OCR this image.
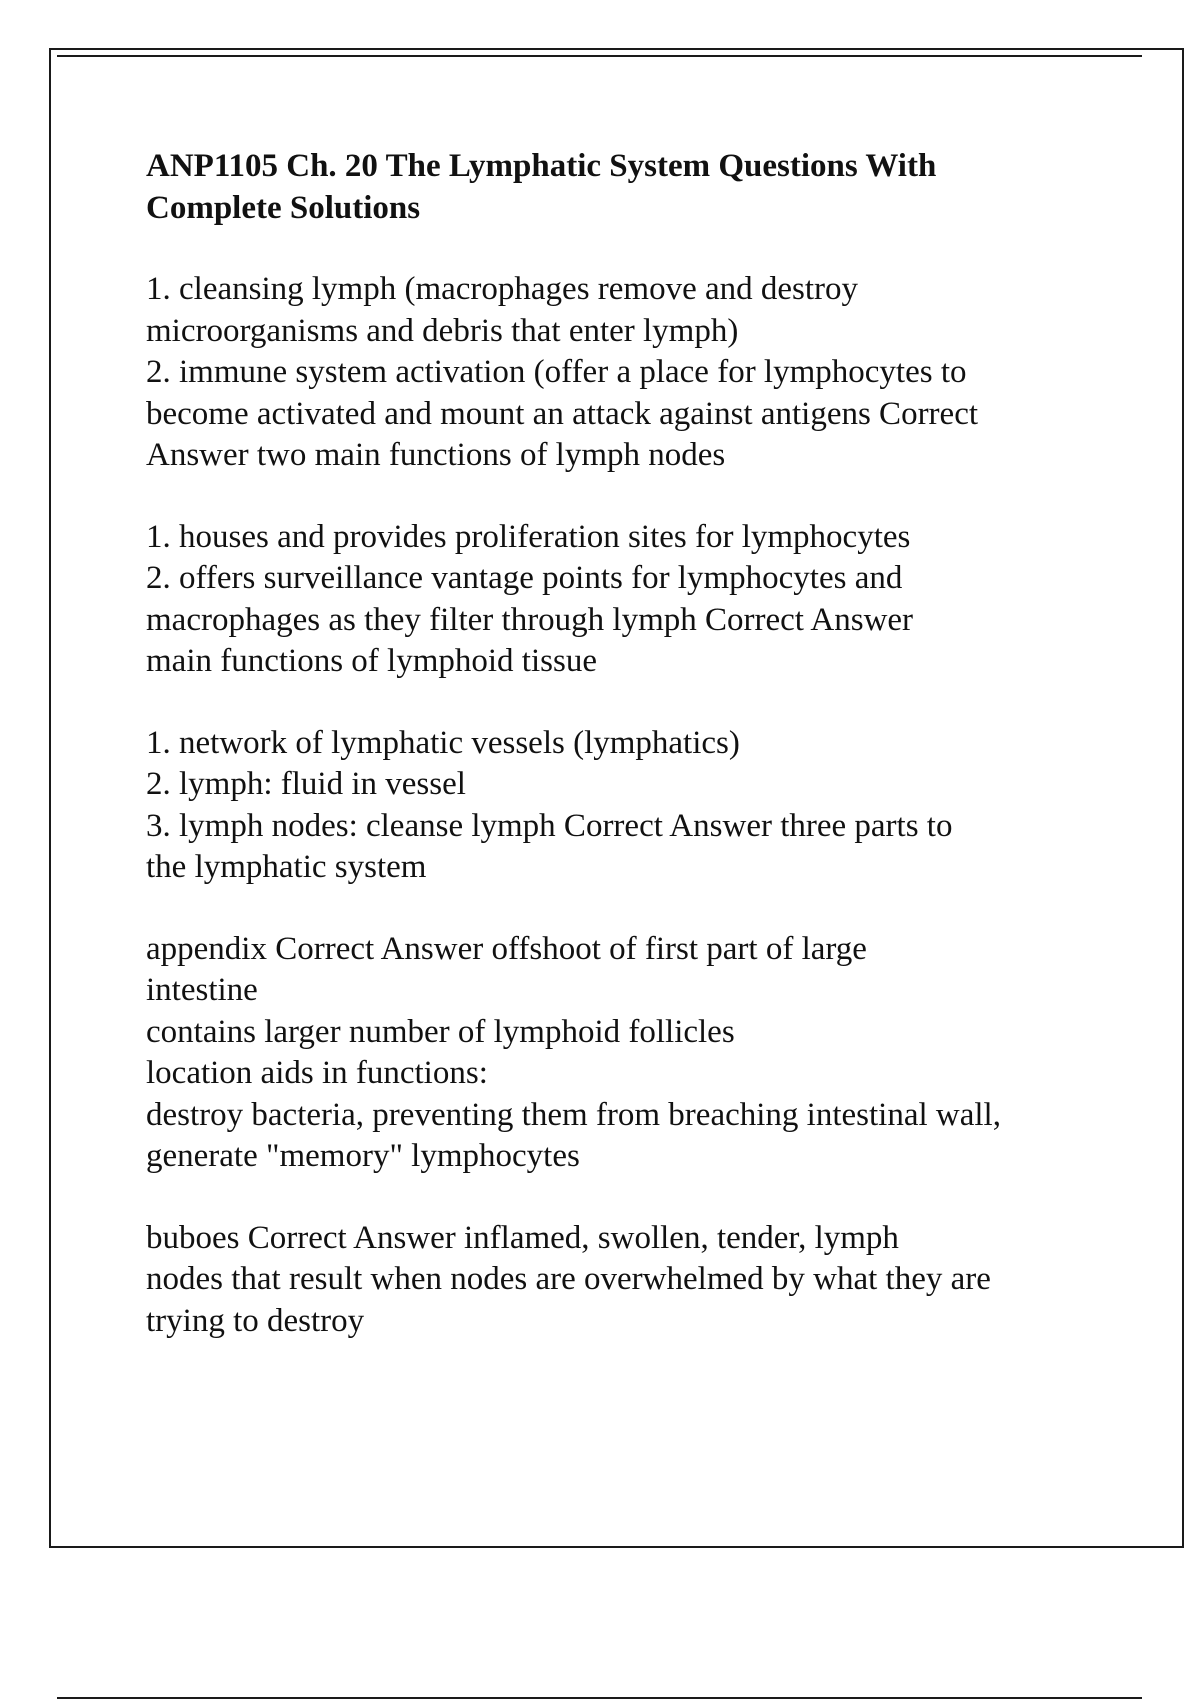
ANP1105 Ch. 20 The Lymphatic System Questions With
Complete Solutions

1. cleansing lymph (macrophages remove and destroy
microorganisms and debris that enter lymph)
2. immune system activation (offer a place for lymphocytes to
become activated and mount an attack against antigens Correct
Answer two main functions of lymph nodes

1. houses and provides proliferation sites for lymphocytes
2. offers surveillance vantage points for lymphocytes and
macrophages as they filter through lymph Correct Answer
main functions of lymphoid tissue

1. network of lymphatic vessels (lymphatics)
2. lymph: fluid in vessel
3. lymph nodes: cleanse lymph Correct Answer three parts to
the lymphatic system

appendix Correct Answer offshoot of first part of large
intestine
contains larger number of lymphoid follicles
location aids in functions:
destroy bacteria, preventing them from breaching intestinal wall,
generate "memory" lymphocytes

buboes Correct Answer inflamed, swollen, tender, lymph
nodes that result when nodes are overwhelmed by what they are
trying to destroy
